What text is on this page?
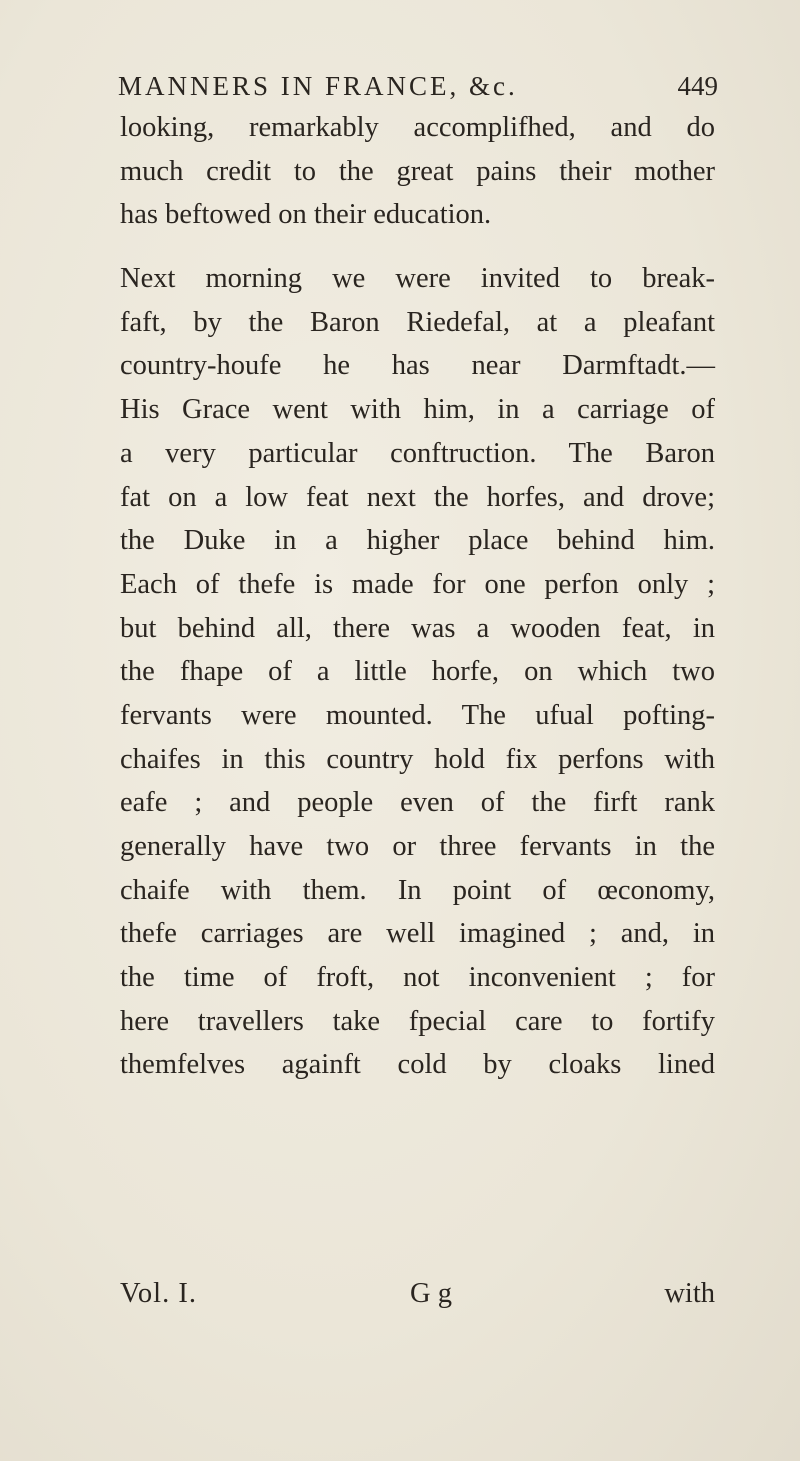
MANNERS IN FRANCE, &c.	449
looking, remarkably accomplifhed, and do
much credit to the great pains their mother
has beftowed on their education.
Next morning we were invited to break-
faft, by the Baron Riedefal, at a pleafant
country-houfe he has near Darmftadt.—
His Grace went with him, in a carriage of
a very particular conftruction. The Baron
fat on a low feat next the horfes, and drove;
the Duke in a higher place behind him.
Each of thefe is made for one perfon only ;
but behind all, there was a wooden feat, in
the fhape of a little horfe, on which two
fervants were mounted. The ufual pofting-
chaifes in this country hold fix perfons with
eafe ; and people even of the firft rank
generally have two or three fervants in the
chaife with them. In point of œconomy,
thefe carriages are well imagined ; and, in
the time of froft, not inconvenient ; for
here travellers take fpecial care to fortify
themfelves againft cold by cloaks lined
Vol. I.	G g	with
